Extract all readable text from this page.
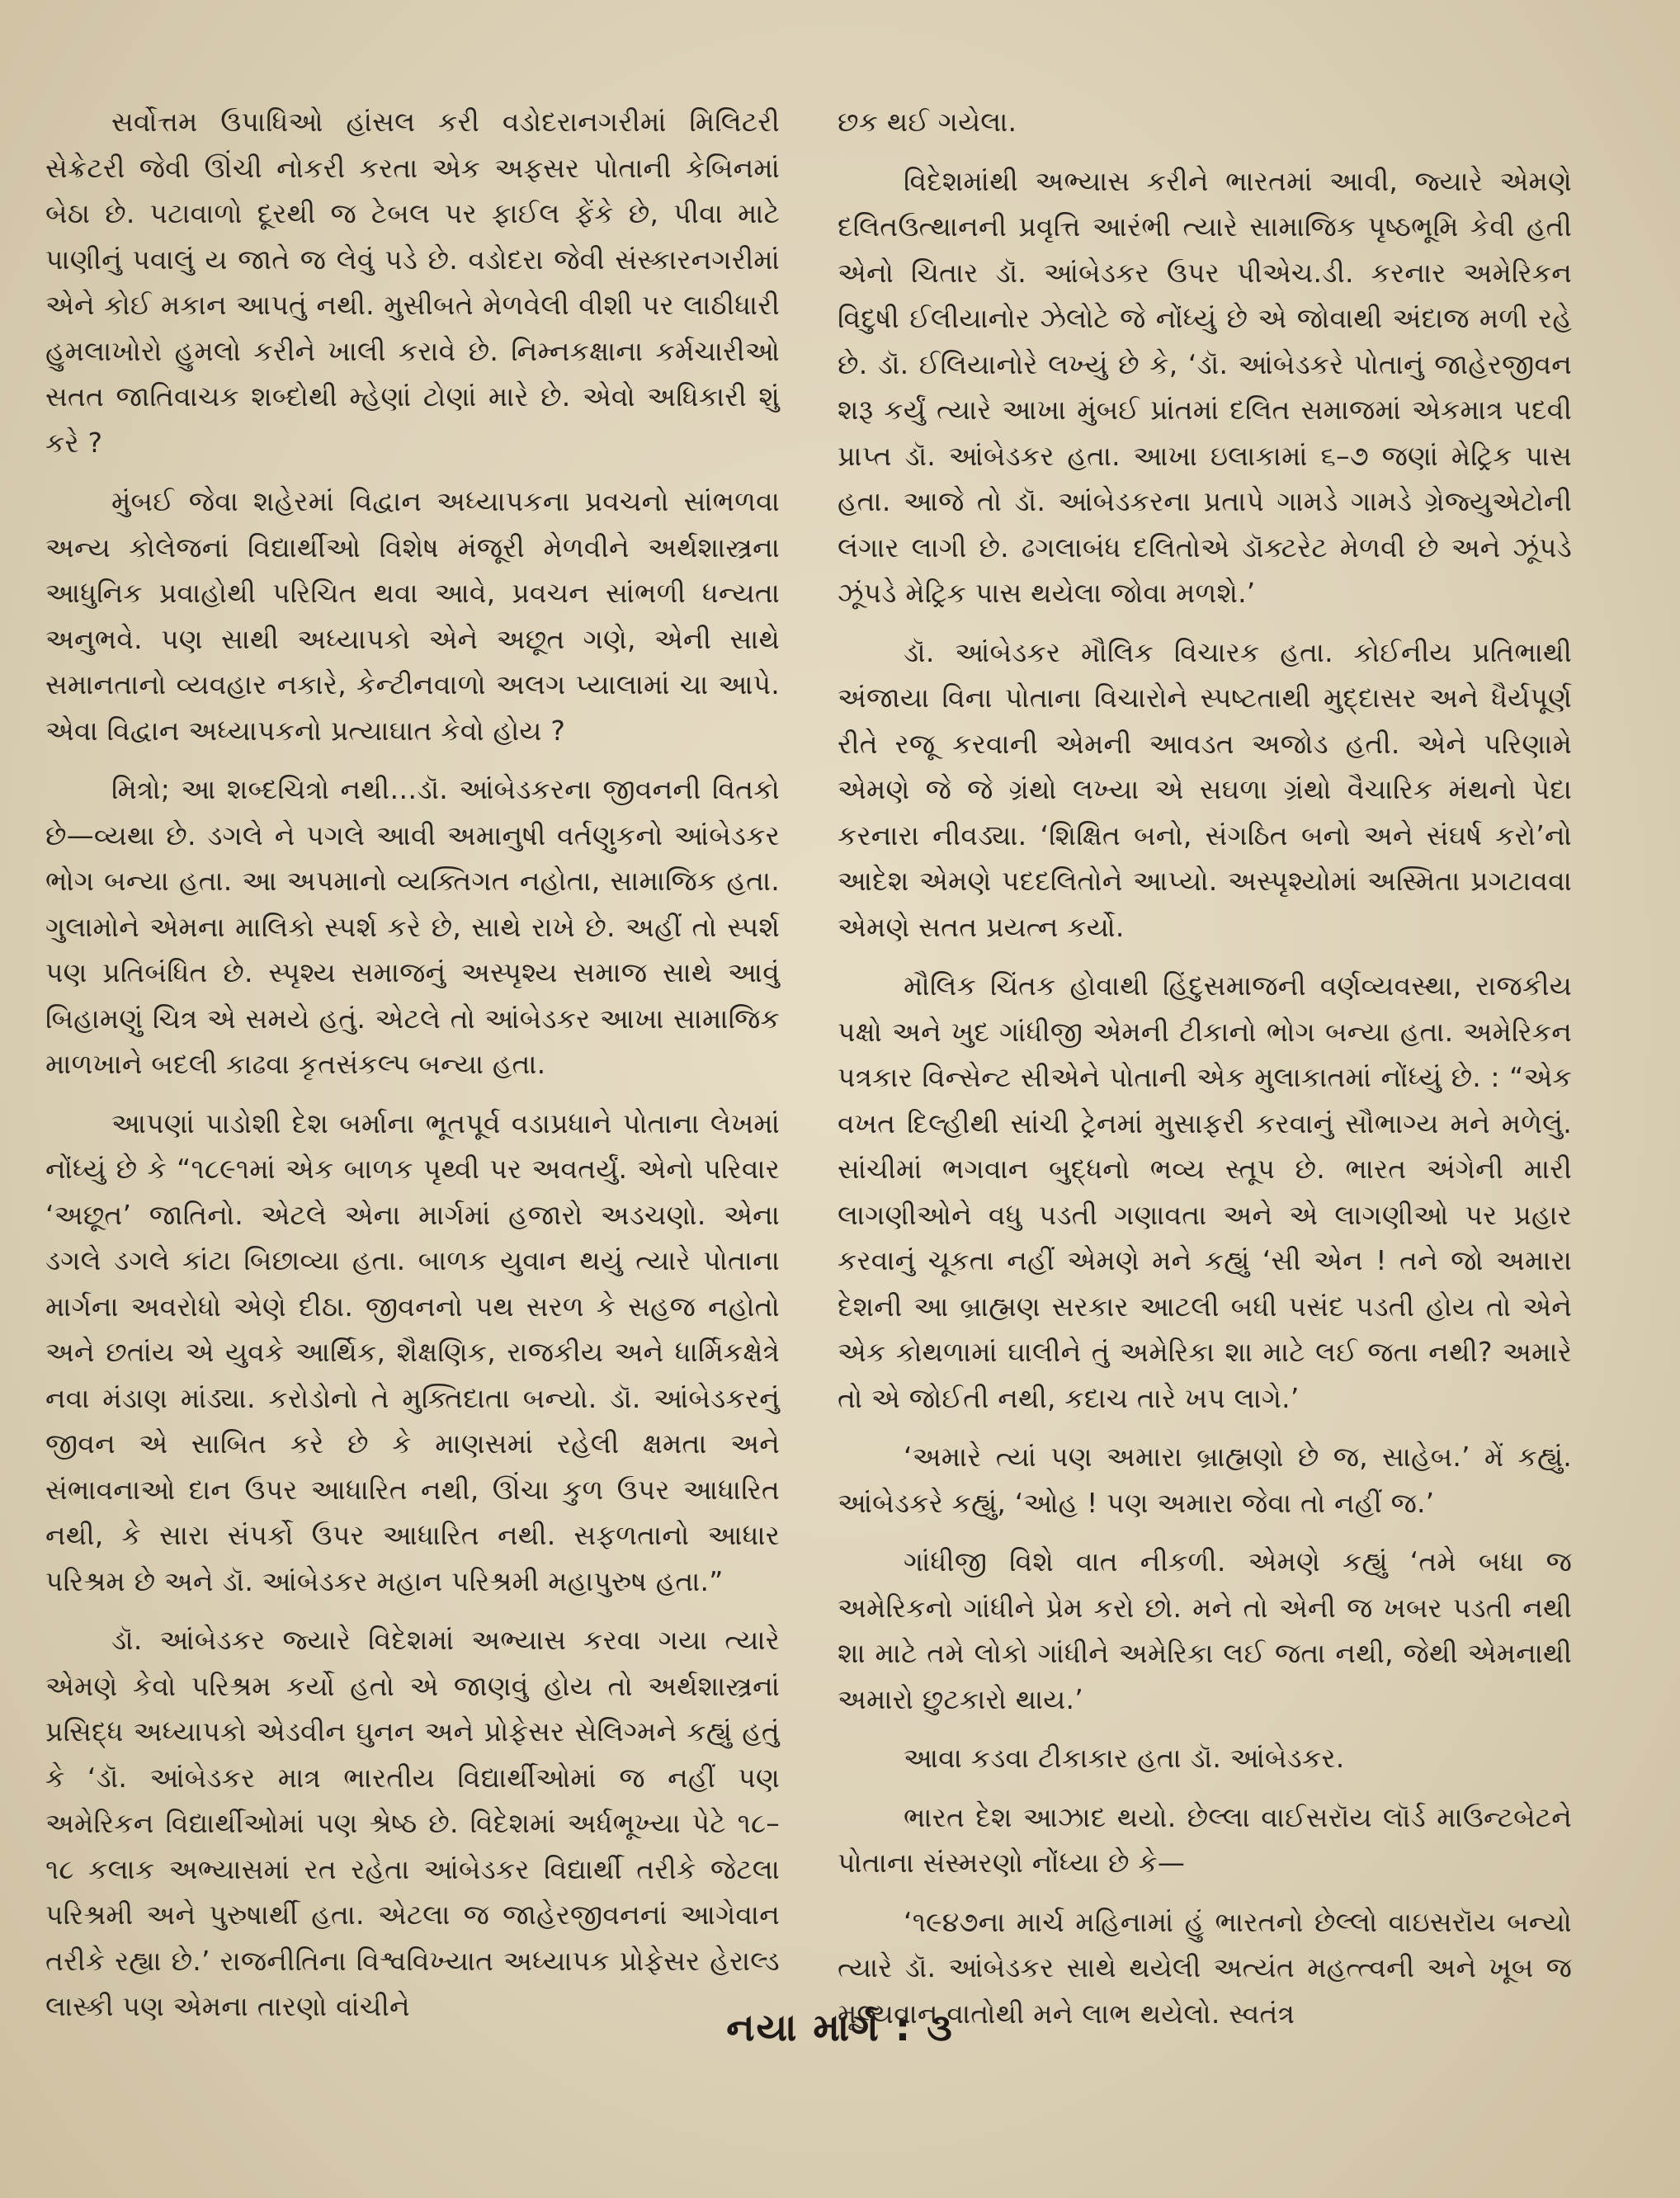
સર્વોત્તમ ઉપાધિઓ હાંસલ કરી વડોદરાનગરીમાં મિલિટરી સેક્રેટરી જેવી ઊંચી નોકરી કરતા એક અફસર પોતાની કેબિનમાં બેઠા છે. પટાવાળો દૂરથી જ ટેબલ પર ફાઈલ ફેંકે છે, પીવા માટે પાણીનું પવાલું ય જાતે જ લેવું પડે છે. વડોદરા જેવી સંસ્કારનગરીમાં એને કોઈ મકાન આપતું નથી. મુસીબતે મેળવેલી વીશી પર લાઠીધારી હુમલાખોરો હુમલો કરીને ખાલી કરાવે છે. નિમ્નકક્ષાના કર્મચારીઓ સતત જાતિવાચક શબ્દોથી મ્હેણાં ટોણાં મારે છે. એવો અધિકારી શું કરે ?

મુંબઈ જેવા શહેરમાં વિદ્વાન અધ્યાપકના પ્રવચનો સાંભળવા અન્ય કોલેજનાં વિદ્યાર્થીઓ વિશેષ મંજૂરી મેળવીને અર્થશાસ્ત્રના આધુનિક પ્રવાહોથી પરિચિત થવા આવે, પ્રવચન સાંભળી ધન્યતા અનુભવે. પણ સાથી અધ્યાપકો એને અછૂત ગણે, એની સાથે સમાનતાનો વ્યવહાર નકારે, કેન્ટીનવાળો અલગ પ્યાલામાં ચા આપે. એવા વિદ્વાન અધ્યાપકનો પ્રત્યાઘાત કેવો હોય ?

મિત્રો; આ શબ્દચિત્રો નથી…ડૉ. આંબેડકરના જીવનની વિતકો છે—વ્યથા છે. ડગલે ને પગલે આવી અમાનુષી વર્તણુકનો આંબેડકર ભોગ બન્યા હતા. આ અપમાનો વ્યક્તિગત નહોતા, સામાજિક હતા. ગુલામોને એમના માલિકો સ્પર્શ કરે છે, સાથે રાખે છે. અહીં તો સ્પર્શ પણ પ્રતિબંધિત છે. સ્પૃશ્ય સમાજનું અસ્પૃશ્ય સમાજ સાથે આવું બિહામણું ચિત્ર એ સમયે હતું. એટલે તો આંબેડકર આખા સામાજિક માળખાને બદલી કાઢવા કૃતસંકલ્પ બન્યા હતા.

આપણાં પાડોશી દેશ બર્માના ભૂતપૂર્વ વડાપ્રધાને પોતાના લેખમાં નોંધ્યું છે કે “૧૮૯૧માં એક બાળક પૃથ્વી પર અવતર્યું. એનો પરિવાર ‘અછૂત’ જાતિનો. એટલે એના માર્ગમાં હજારો અડચણો. એના ડગલે ડગલે કાંટા બિછાવ્યા હતા. બાળક યુવાન થયું ત્યારે પોતાના માર્ગના અવરોધો એણે દીઠા. જીવનનો પથ સરળ કે સહજ નહોતો અને છતાંય એ યુવકે આર્થિક, શૈક્ષણિક, રાજકીય અને ધાર્મિકક્ષેત્રે નવા મંડાણ માંડ્યા. કરોડોનો તે મુક્તિદાતા બન્યો. ડૉ. આંબેડકરનું જીવન એ સાબિત કરે છે કે માણસમાં રહેલી ક્ષમતા અને સંભાવનાઓ દાન ઉપર આધારિત નથી, ઊંચા કુળ ઉપર આધારિત નથી, કે સારા સંપર્કો ઉપર આધારિત નથી. સફળતાનો આધાર પરિશ્રમ છે અને ડૉ. આંબેડકર મહાન પરિશ્રમી મહાપુરુષ હતા.”

ડૉ. આંબેડકર જ્યારે વિદેશમાં અભ્યાસ કરવા ગયા ત્યારે એમણે કેવો પરિશ્રમ કર્યો હતો એ જાણવું હોય તો અર્થશાસ્ત્રનાં પ્રસિદ્ધ અધ્યાપકો એડવીન ઘુનન અને પ્રોફેસર સેલિગ્મને કહ્યું હતું કે ‘ડૉ. આંબેડકર માત્ર ભારતીય વિદ્યાર્થીઓમાં જ નહીં પણ અમેરિકન વિદ્યાર્થીઓમાં પણ શ્રેષ્ઠ છે. વિદેશમાં અર્ધભૂખ્યા પેટે ૧૮–૧૮ કલાક અભ્યાસમાં રત રહેતા આંબેડકર વિદ્યાર્થી તરીકે જેટલા પરિશ્રમી અને પુરુષાર્થી હતા. એટલા જ જાહેરજીવનનાં આગેવાન તરીકે રહ્યા છે.’ રાજનીતિના વિશ્વવિખ્યાત અધ્યાપક પ્રોફેસર હેરાલ્ડ લાસ્કી પણ એમના તારણો વાંચીને

છક થઈ ગયેલા.

વિદેશમાંથી અભ્યાસ કરીને ભારતમાં આવી, જ્યારે એમણે દલિતઉત્થાનની પ્રવૃત્તિ આરંભી ત્યારે સામાજિક પૃષ્ઠભૂમિ કેવી હતી એનો ચિતાર ડૉ. આંબેડકર ઉપર પીએચ.ડી. કરનાર અમેરિકન વિદુષી ઈલીયાનોર ઝેલોટે જે નોંધ્યું છે એ જોવાથી અંદાજ મળી રહે છે. ડૉ. ઈલિયાનોરે લખ્યું છે કે, ‘ડૉ. આંબેડકરે પોતાનું જાહેરજીવન શરૂ કર્યું ત્યારે આખા મુંબઈ પ્રાંતમાં દલિત સમાજમાં એકમાત્ર પદવી પ્રાપ્ત ડૉ. આંબેડકર હતા. આખા ઇલાકામાં ૬–૭ જણાં મેટ્રિક પાસ હતા. આજે તો ડૉ. આંબેડકરના પ્રતાપે ગામડે ગામડે ગ્રેજ્યુએટોની લંગાર લાગી છે. ઢગલાબંધ દલિતોએ ડૉક્ટરેટ મેળવી છે અને ઝૂંપડે ઝૂંપડે મેટ્રિક પાસ થયેલા જોવા મળશે.’

ડૉ. આંબેડકર મૌલિક વિચારક હતા. કોઈનીય પ્રતિભાથી અંજાયા વિના પોતાના વિચારોને સ્પષ્ટતાથી મુદ્દાસર અને ધૈર્યપૂર્ણ રીતે રજૂ કરવાની એમની આવડત અજોડ હતી. એને પરિણામે એમણે જે જે ગ્રંથો લખ્યા એ સઘળા ગ્રંથો વૈચારિક મંથનો પેદા કરનારા નીવડ્યા. ‘શિક્ષિત બનો, સંગઠિત બનો અને સંઘર્ષ કરો’નો આદેશ એમણે પદદલિતોને આપ્યો. અસ્પૃશ્યોમાં અસ્મિતા પ્રગટાવવા એમણે સતત પ્રયત્ન કર્યો.

મૌલિક ચિંતક હોવાથી હિંદુસમાજની વર્ણવ્યવસ્થા, રાજકીય પક્ષો અને ખુદ ગાંધીજી એમની ટીકાનો ભોગ બન્યા હતા. અમેરિકન પત્રકાર વિન્સેન્ટ સીએને પોતાની એક મુલાકાતમાં નોંધ્યું છે. : “એક વખત દિલ્હીથી સાંચી ટ્રેનમાં મુસાફરી કરવાનું સૌભાગ્ય મને મળેલું. સાંચીમાં ભગવાન બુદ્ધનો ભવ્ય સ્તૂપ છે. ભારત અંગેની મારી લાગણીઓને વધુ પડતી ગણાવતા અને એ લાગણીઓ પર પ્રહાર કરવાનું ચૂકતા નહીં એમણે મને કહ્યું ‘સી એન ! તને જો અમારા દેશની આ બ્રાહ્મણ સરકાર આટલી બધી પસંદ પડતી હોય તો એને એક કોથળામાં ઘાલીને તું અમેરિકા શા માટે લઈ જતા નથી? અમારે તો એ જોઈતી નથી, કદાચ તારે ખપ લાગે.’

‘અમારે ત્યાં પણ અમારા બ્રાહ્મણો છે જ, સાહેબ.’ મેં કહ્યું. આંબેડકરે કહ્યું, ‘ઓહ ! પણ અમારા જેવા તો નહીં જ.’

ગાંધીજી વિશે વાત નીકળી. એમણે કહ્યું ‘તમે બધા જ અમેરિકનો ગાંધીને પ્રેમ કરો છો. મને તો એની જ ખબર પડતી નથી શા માટે તમે લોકો ગાંધીને અમેરિકા લઈ જતા નથી, જેથી એમનાથી અમારો છુટકારો થાય.’

આવા કડવા ટીકાકાર હતા ડૉ. આંબેડકર.

ભારત દેશ આઝાદ થયો. છેલ્લા વાઈસરૉય લૉર્ડ માઉન્ટબેટને પોતાના સંસ્મરણો નોંધ્યા છે કે—

‘૧૯૪૭ના માર્ચ મહિનામાં હું ભારતનો છેલ્લો વાઇસરૉય બન્યો ત્યારે ડૉ. આંબેડકર સાથે થયેલી અત્યંત મહત્ત્વની અને ખૂબ જ મૂલ્યવાન વાતોથી મને લાભ થયેલો. સ્વતંત્ર

નયા માર્ગ : ૩
